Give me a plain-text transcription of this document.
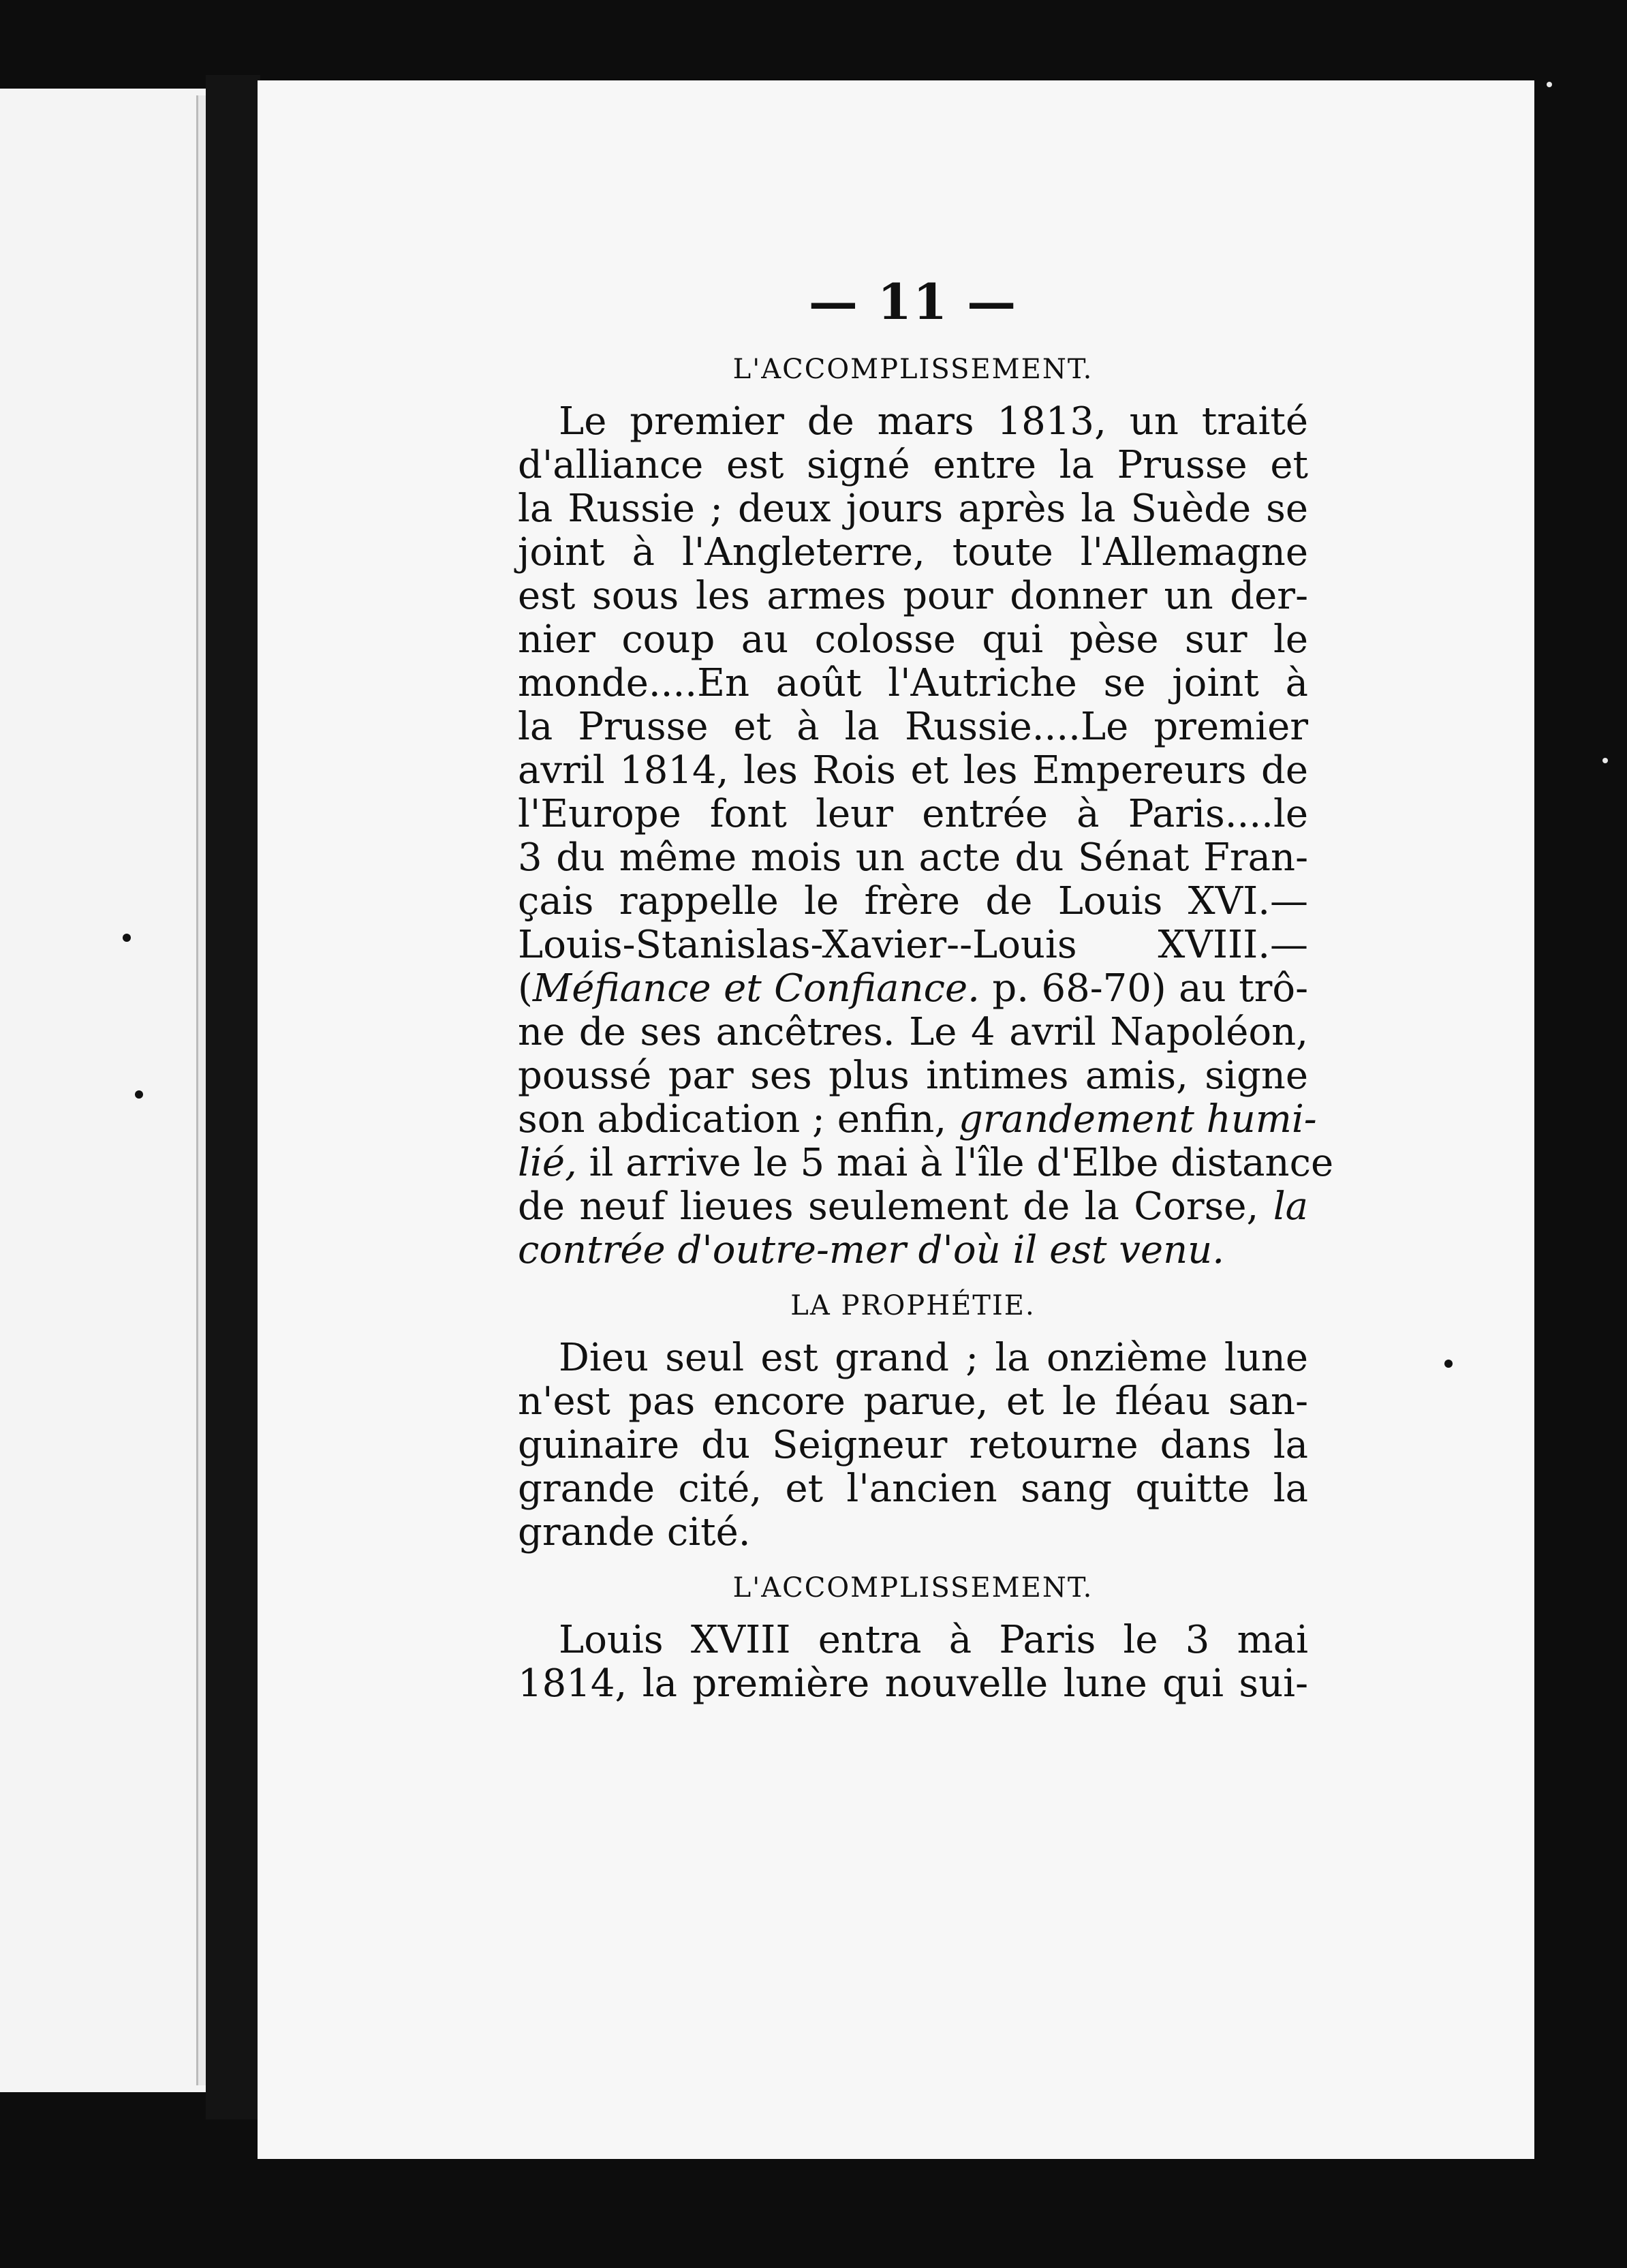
— 11 —
L'ACCOMPLISSEMENT.
Le premier de mars 1813, un traité
d'alliance est signé entre la Prusse et
la Russie ; deux jours après la Suède se
joint à l'Angleterre, toute l'Allemagne
est sous les armes pour donner un der-
nier coup au colosse qui pèse sur le
monde....En août l'Autriche se joint à
la Prusse et à la Russie....Le premier
avril 1814, les Rois et les Empereurs de
l'Europe font leur entrée à Paris....le
3 du même mois un acte du Sénat Fran-
çais rappelle le frère de Louis XVI.—
Louis-Stanislas-Xavier--Louis XVIII.—
(Méfiance et Confiance. p. 68-70) au trô-
ne de ses ancêtres. Le 4 avril Napoléon,
poussé par ses plus intimes amis, signe
son abdication ; enfin, grandement humi-
lié, il arrive le 5 mai à l'île d'Elbe distance
de neuf lieues seulement de la Corse, la
contrée d'outre-mer d'où il est venu.
LA PROPHÉTIE.
Dieu seul est grand ; la onzième lune
n'est pas encore parue, et le fléau san-
guinaire du Seigneur retourne dans la
grande cité, et l'ancien sang quitte la
grande cité.
L'ACCOMPLISSEMENT.
Louis XVIII entra à Paris le 3 mai
1814, la première nouvelle lune qui sui-
